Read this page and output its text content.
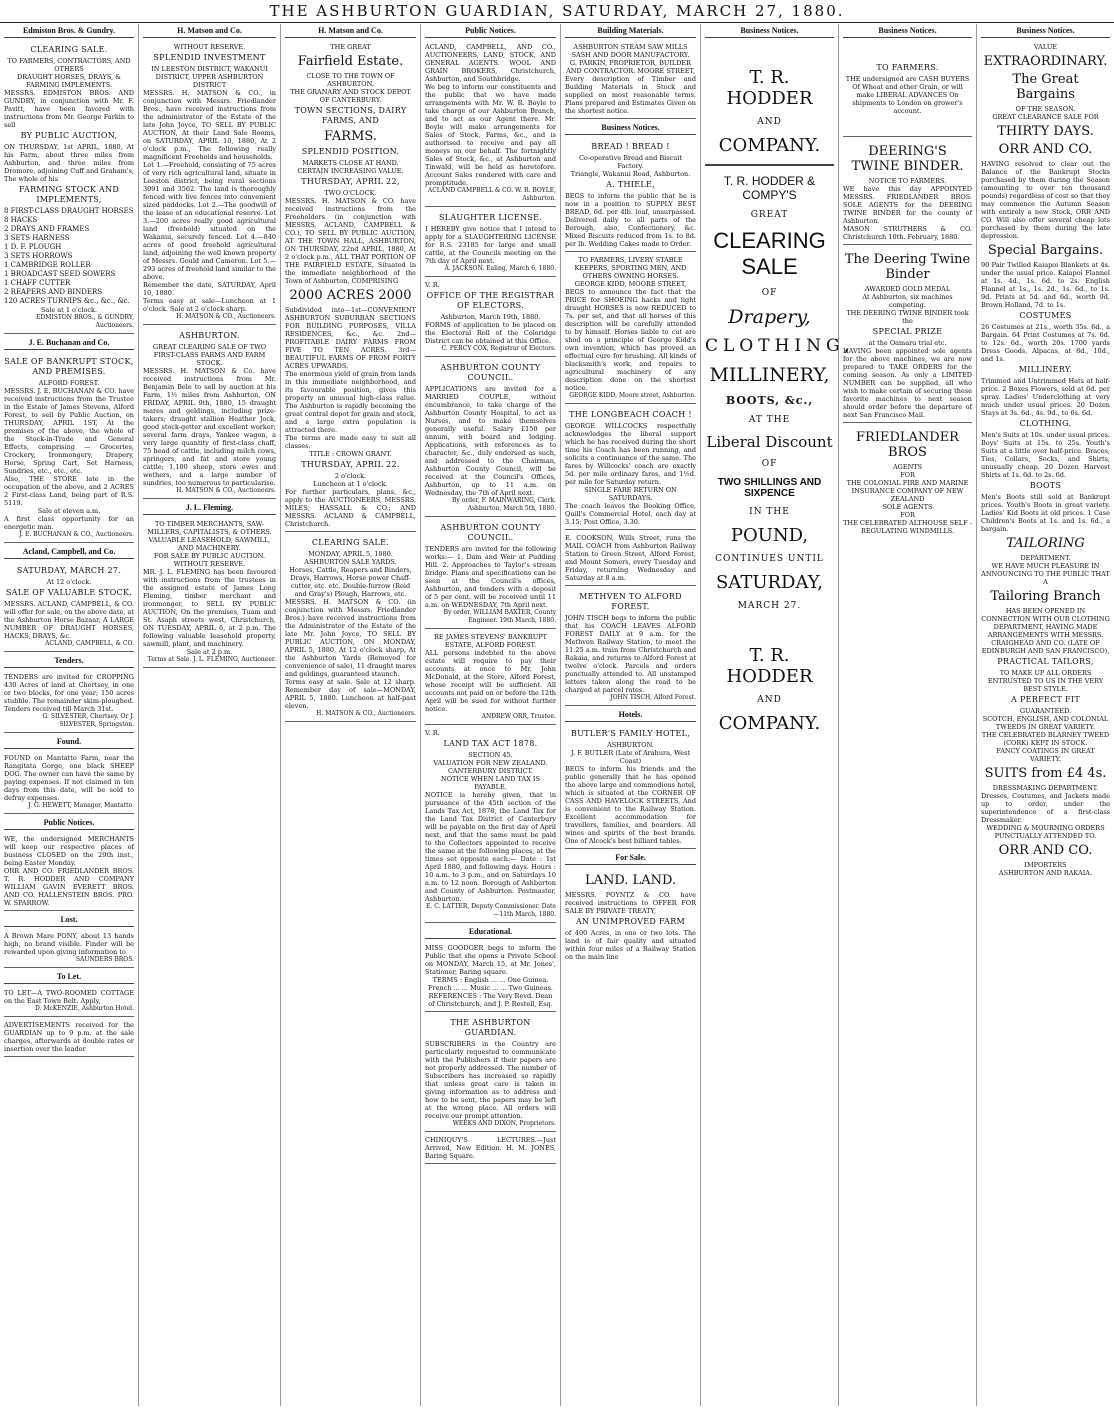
THE ASHBURTON GUARDIAN, SATURDAY, MARCH 27, 1880.
Edmiston Bros. & Gundry.

CLEARING SALE.

TO FARMERS, CONTRACTORS, AND OTHERS

DRAUGHT HORSES, DRAYS, & FARMING IMPLEMENTS.

MESSRS. EDMISTON BROS. AND GUNDRY, in conjunction with Mr. F. Pavitt, have been favored with instructions from Mr. George Farkin to sell

BY PUBLIC AUCTION,

ON THURSDAY, 1st APRIL, 1880, At his Farm, about three miles from Ashburton, and three miles from Dromore, adjoining Cuff and Graham's, The whole of his

FARMING STOCK AND IMPLEMENTS,

8 FIRST-CLASS DRAUGHT HORSES
8 HACKS
2 DRAYS AND FRAMES
3 SETS HARNESS
1 D. F. PLOUGH
3 SETS HORROWS
1 CAMBRIDGE ROLLER
1 BROADCAST SEED SOWERS
1 CHAFF CUTTER
2 REAPERS AND BINDERS
120 ACRES TURNIPS &c., &c., &c.

Sale at 1 o'clock.

EDMISTON BROS., & GUNDRY, Auctioneers.

J. E. Buchanan and Co.

SALE OF BANKRUPT STOCK, AND PREMISES.

ALFORD FOREST.

MESSRS. J. E. BUCHANAN & CO. have received instructions from the Trustee in the Estate of James Stevens, Alford Forest, to sell by Public Auction, on THURSDAY, APRIL 1ST, At the premises of the above, the whole of the Stock-in-Trade and General Effects, comprising — Groceries, Crockery, Ironmongery, Drapery, Horse, Spring Cart, Set Harness, Sundries, etc., etc., etc.

Also, THE STORE late in the occupation of the above, and 2 ACRES 2 First-class Land, being part of R.S. 5119.

Sale at eleven a.m.

A first class opportunity for an energetic man.

J. E. BUCHANAN & CO., Auctioneers.

Acland, Campbell, and Co.

SATURDAY, MARCH 27.

At 12 o'clock.

SALE OF VALUABLE STOCK.

MESSRS. ACLAND, CAMPBELL, & CO. will offer for sale, on the above date, at the Ashburton Horse Bazaar, A LARGE NUMBER OF DRAUGHT HORSES, HACKS, DRAYS, &c.

ACLAND, CAMPBELL, & CO.

Tenders.

TENDERS are invited for CROPPING 430 Acres of land at Chertsey, in one or two blocks, for one year; 150 acres stubble. The remainder skim-ploughed. Tenders received till March 31st.

G. SILVESTER, Chertsey. Or J. SILVESTER, Springston.

Found.

FOUND on Mantatto Farm, near the Rangitata Gorge, one black SHEEP DOG. The owner can have the same by paying expenses. If not claimed in ten days from this date, will be sold to defray expenses.

J. G. HEWETT, Manager, Mantatto.

Public Notices.

WE, the undersigned MERCHANTS will keep our respective places of business CLOSED on the 29th inst., being Easter Monday.

ORR AND CO. FRIEDLANDER BROS. T. R. HODDER AND COMPANY WILLIAM GAVIN EVERETT BROS. AND CO. HALLENSTEIN BROS. PRO. W. SPARROW.

Lost.

A Brown Mare PONY, about 13 hands high, no brand visible. Finder will be rewarded upon giving information to

SAUNDERS BROS.

To Let.

TO LET—A TWO-ROOMED COTTAGE on the East Town Belt. Apply,

D. McKENZIE, Ashburton Hotel.

ADVERTISEMENTS received for the GUARDIAN up to 9 p.m. at the sale charges, afterwards at double rates or insertion over the leader

H. Matson and Co.

WITHOUT RESERVE.

SPLENDID INVESTMENT

IN LEESTON DISTRICT, WAKANUI DISTRICT, UPPER ASHBURTON DISTRICT

MESSRS. H. MATSON & CO., in conjunction with Messrs. Friedlander Bros., have received instructions from the administrator of the Estate of the late John Joyce, TO SELL BY PUBLIC AUCTION, At their Land Sale Rooms, on SATURDAY, APRIL 10, 1880, At 2 o'clock p.m., The following really magnificent Freeholds and households.

Lot 1.—Freehold, consisting of 75 acres of very rich agricultural land, situate in Leeston district, being rural sections 3091 and 3562. The land is thoroughly fenced with live fences into convenient sized paddocks. Lot 2.—The goodwill of the lease of an educational reserve. Lot 3.—200 acres really good agricultural land (freehold) situated on the Wakanui, securely fenced. Lot 4.—840 acres of good freehold agricultural land, adjoining the well known property of Messrs. Gould and Cameron. Lot 5.—293 acres of freehold land similar to the above.

Remember the date, SATURDAY, April 10, 1880.

Terms easy at sale—Luncheon at 1 o'clock. Sale at 2 o'clock sharp.

H. MATSON & CO., Auctioneers.

ASHBURTON.

GREAT CLEARING SALE OF TWO FIRST-CLASS FARMS AND FARM STOCK.

MESSRS. H. MATSON & Co. have received instructions from Mr. Benjamin Bele to sell by auction at his Farm, 1½ miles from Ashburton, ON FRIDAY, APRIL 9th, 1880, 15 draught mares and geldings, including prize-takers; draught stallion Heather Jock, good stock-getter and excellent worker; several farm drays, Yankee wagon, a very large quantity of first-class chaff, 75 head of cattle, including milch cows, springers, and fat and store young cattle; 1,100 sheep, store ewes and wethers, and a large number of sundries, too numerous to particularise.

H. MATSON & CO., Auctioneers.

J. L. Fleming.

TO TIMBER MERCHANTS, SAW-MILLERS, CAPITALISTS, & OTHERS.

VALUABLE LEASEHOLD, SAWMILL, AND MACHINERY.

FOR SALE BY PUBLIC AUCTION.

WITHOUT RESERVE.

MR. J. L. FLEMING has been favoured with instructions from the trustees in the assigned estate of James Long Fleming, timber merchant and ironmonger, to SELL BY PUBLIC AUCTION, On the premises, Tuam and St. Asaph streets west, Christchurch, ON TUESDAY, APRIL 6, at 2 p.m. The following valuable leasehold property, sawmill, plant, and machinery.

Sale at 2 p.m.

Terms at Sale. J. L. FLEMING, Auctioneer.

H. Matson and Co.

THE GREAT

Fairfield Estate.

CLOSE TO THE TOWN OF ASHBURTON.

THE GRANARY AND STOCK DEPOT OF CANTERBURY.

TOWN SECTIONS, DAIRY FARMS, AND

FARMS.

SPLENDID POSITION.

MARKETS CLOSE AT HAND.

CERTAIN INCREASING VALUE.

THURSDAY, APRIL 22,

TWO O'CLOCK.

MESSRS. H. MATSON & CO. have received instructions from the Freeholders (in conjunction with MESSRS. ACLAND, CAMPBELL & CO.), TO SELL BY PUBLIC AUCTION, AT THE TOWN HALL, ASHBURTON, ON THURSDAY, 22nd APRIL, 1880, At 2 o'clock p.m., ALL THAT PORTION OF THE FAIRFIELD ESTATE, Situated in the immediate neighborhood of the Town of Ashburton, COMPRISING

2000 ACRES 2000

Subdivided into—1st—CONVENIENT ASHBURTON SUBURBAN SECTIONS FOR BUILDING PURPOSES, VILLA RESIDENCES, &c., &c. 2nd—PROFITABLE DAIRY FARMS FROM FIVE TO TEN ACRES. 3rd—BEAUTIFUL FARMS OF FROM FORTY ACRES UPWARDS.

The enormous yield of grain from lands in this immediate neighborhood, and its favourable position, gives this property an unusual high-class value. The Ashburton is rapidly becoming the great central depot for grain and stock, and a large extra population is attracted there.

The terms are made easy to suit all classes.

TITLE : CROWN GRANT.

THURSDAY, APRIL 22.

2 o'clock.

Luncheon at 1 o'clock.

For further particulars, plans, &c., apply to the AUCTIONEERS, MESSRS. MILES, HASSALL & CO.; AND MESSRS. ACLAND & CAMPBELL, Christchurch.

CLEARING SALE.

MONDAY, APRIL 5, 1880.

ASHBURTON SALE YARDS.

Horses, Cattle, Reapers and Binders, Drays, Harrows, Horse power Chaff-cutter, etc. etc. Double-furrow (Reid and Gray's) Plough, Harrows, etc.

MESSRS. H. MATSON & CO. (in conjunction with Messrs. Friedlander Bros.) have received instructions from the Administrator of the Estate of the late Mr. John Joyce, TO SELL BY PUBLIC AUCTION, ON MONDAY, APRIL 5, 1880, At 12 o'clock sharp, At the Ashburton Yards (Removed for convenience of sale), 11 draught mares and geldings, guaranteed staunch.

Terms easy at sale. Sale at 12 sharp. Remember day of sale—MONDAY, APRIL 5, 1880. Luncheon at half-past eleven.

H. MATSON & CO., Auctioneers.

Public Notices.

ACLAND, CAMPBELL, AND CO., AUCTIONEERS, LAND, STOCK, AND GENERAL AGENTS. WOOL AND GRAIN BROKERS, Christchurch, Ashburton, and Southbridge.

We beg to inform our constituents and the public that we have made arrangements with Mr. W. R. Boyle to take charge of our Ashburton Branch, and to act as our Agent there. Mr. Boyle will make arrangements for Sales of Stock, Farms, &c., and is authorised to receive and pay all moneys on our behalf. The fortnightly Sales of Stock, &c., at Ashburton and Tinwald, will be held as heretofore. Account Sales rendered with care and promptitude.

ACLAND CAMPBELL & CO. W. R. BOYLE, Ashburton.

SLAUGHTER LICENSE.

I HEREBY give notice that I intend to apply for a SLAUGHTERING LICENSE for R.S. 23185 for large and small cattle, at the Councils meeting on the 7th day of April next.

A. JACKSON. Ealing, March 6, 1880.

V. R.

OFFICE OF THE REGISTRAR OF ELECTORS.

Ashburton, March 19th, 1880.

FORMS of application to be placed on the Electoral Roll of the Coleridge District can be obtained at this Office.

C. PERCY COX, Registrar of Electors.

ASHBURTON COUNTY COUNCIL.

APPLICATIONS are invited for a MARRIED COUPLE, without encumbrance, to take charge of the Ashburton County Hospital, to act as Nurses, and to make themselves generally useful. Salary £150 per annum, with board and lodging. Applications, with references as to character, &c., duly endorsed as such, and addressed to the Chairman, Ashburton County Council, will be received at the Council's Offices, Ashburton, up to 11 a.m. on Wednesday, the 7th of April next.

By order, F. MAINWARING, Clerk. Ashburton, March 5th, 1880.

ASHBURTON COUNTY COUNCIL.

TENDERS are invited for the following works:— 1. Dam and Weir at Pudding Hill. 2. Approaches to Taylor's stream bridge. Plans and specifications can be seen at the Council's offices, Ashburton, and tenders with a deposit of 5 per cent. will be received until 11 a.m. on WEDNESDAY, 7th April next.

By order, WILLIAM BAXTER, County Engineer. 19th March, 1880.

RE JAMES STEVENS' BANKRUPT ESTATE, ALFORD FOREST.

ALL persons indebted to the above estate will require to pay their accounts at once to Mr. John McDonald, at the Store, Alford Forest, whose receipt will be sufficient. All accounts not paid on or before the 12th April will be sued for without further notice.

ANDREW ORR, Trustee.

V. R.

LAND TAX ACT 1878.

SECTION 45.

VALUATION FOR NEW ZEALAND.

CANTERBURY DISTRICT.

NOTICE WHEN LAND TAX IS PAYABLE.

NOTICE is hereby given, that in pursuance of the 45th section of the Lands Tax Act, 1878, the Land Tax for the Land Tax District of Canterbury will be payable on the first day of April next, and that the same must be paid to the Collectors appointed to receive the same at the following places, at the times set opposite each:— Date : 1st April 1880, and following days. Hours : 10 a.m. to 3 p.m., and on Saturdays 10 a.m. to 12 noon. Borough of Ashburton and County of Ashburton. Postmaster, Ashburton.

E. C. LATTER, Deputy Commissioner. Date—11th March, 1880.

Educational.

MISS GOODGER begs to inform the Public that she opens a Private School on MONDAY, March 15, at Mr. Jones', Stationer, Baring square.

TERMS : English ... ... One Guinea. French ... ... Music ... ... Two Guineas.

REFERENCES : The Very Revd. Dean of Christchurch, and J. P. Restell, Esq.

THE ASHBURTON GUARDIAN.

SUBSCRIBERS in the Country are particularly requested to communicate with the Publishers if their papers are not properly addressed. The number of Subscribers has increased so rapidly that unless great care is taken in giving information as to address and how to be sent, the papers may be left at the wrong place. All orders will receive our prompt attention.

WEEKS AND DIXON, Proprietors.

CHINIQUY'S LECTURES.—Just Arrived, New Edition. H. M. JONES, Baring Square.

Building Materials.

ASHBURTON STEAM SAW MILLS SASH AND DOOR MANUFACTORY.

G. PARKIN, PROPRIETOR, BUILDER AND CONTRACTOR. MOORE STREET,

Every description of Timber and Building Materials in Stock and supplied on most reasonable terms. Plans prepared and Estimates Given on the shortest notice.

Business Notices.

BREAD ! BREAD !

Co-operative Bread and Biscuit Factory.

Triangle, Wakanui Road, Ashburton.

A. THIELE,

BEGS to inform the public that he is now in a position to SUPPLY BEST BREAD, 6d. per 4lb. loaf, unsurpassed. Delivered daily to all parts of the Borough, also, Confectionery, &c. Mixed Biscuits reduced from 1s. to 8d. per lb. Wedding Cakes made to Order.

TO FARMERS, LIVERY STABLE KEEPERS, SPORTING MEN, AND OTHERS OWNING HORSES.

GEORGE KIDD, MOORE STREET,

BEGS to announce the fact that the PRICE for SHOEING hacks and light draught HORSES is now REDUCED to 7s. per set, and that all horses of this description will be carefully attended to by himself. Horses liable to cut are shod on a principle of George Kidd's own invention, which has proved an effectual cure for brushing. All kinds of blacksmith's work, and repairs to agricultural machinery of any description done on the shortest notice.

GEORGE KIDD, Moore street, Ashburton.

THE LONGBEACH COACH !

GEORGE WILLCOCKS respectfully acknowledges the liberal support which he has received during the short time his Coach has been running, and solicits a continuance of the same. The fares by Willcocks' coach are exactly 5d. per mile ordinary fares, and 1½d. per mile for Saturday return.

SINGLE FARE RETURN ON SATURDAYS.

The coach leaves the Booking Office, Quill's Commercial Hotel, each day at 3.15; Post Office, 3.30.

E. COOKSON, Wills Street, runs the MAIL COACH from Ashburton Railway Station to Green Street, Alford Forest, and Mount Somers, every Tuesday and Friday, returning Wednesday and Saturday at 8 a.m.

METHVEN TO ALFORD FOREST.

JOHN TISCH begs to inform the public that his COACH LEAVES ALFORD FOREST DAILY at 9 a.m. for the Methven Railway Station, to meet the 11.25 a.m. train from Christchurch and Rakaia, and returns to Alford Forest at twelve o'clock. Parcels and orders punctually attended to. All unstamped letters taken along the road to be charged at parcel rates.

JOHN TISCH, Alford Forest.

Hotels.

BUTLER'S FAMILY HOTEL,

ASHBURTON.

J. F. BUTLER (Late of Arahura, West Coast)

BEGS to inform his friends and the public generally that he has opened the above large and commodious hotel, which is situated at the CORNER OF CASS AND HAVELOCK STREETS, And is convenient to the Railway Station. Excellent accommodation for travellers, families, and boarders. All wines and spirits of the best brands. One of Alcock's best billiard tables.

For Sale.

LAND. LAND.

MESSRS. POYNTZ & CO. have received instructions to OFFER FOR SALE BY PRIVATE TREATY,

AN UNIMPROVED FARM

of 400 Acres, in one or two lots. The land is of fair quality and situated within four miles of a Railway Station on the main line

Business Notices.
T. R. HODDER
AND
COMPANY.
T. R. HODDER & COMPY'S
GREAT
CLEARING SALE
OF
Drapery,
CLOTHING,
MILLINERY,
BOOTS, &c.,
AT THE
Liberal Discount
OF
TWO SHILLINGS AND SIXPENCE
IN THE
POUND,
CONTINUES UNTIL
SATURDAY,
MARCH 27.
T. R. HODDER
AND
COMPANY.
Business Notices.

TO FARMERS.

THE undersigned are CASH BUYERS Of Wheat and other Grain, or will make LIBERAL ADVANCES On shipments to London on grower's account.

DEERING'S TWINE BINDER.

NOTICE TO FARMERS.

WE have this day APPOINTED MESSRS. FRIEDLANDER BROS. SOLE AGENTS for the DEERING TWINE BINDER for the county of Ashburton.

MASON STRUTHERS & CO. Christchurch 10th. February, 1880.

The Deering Twine Binder

AWARDED GOLD MEDAL

At Ashburton, six machines competing.

THE DEERING TWINE BINDER took the

SPECIAL PRIZE

at the Oamaru trial etc.

HAVING been appointed sole agents for the above machines, we are now prepared to TAKE ORDERS for the coming season. As only a LIMITED NUMBER can be supplied, all who wish to make certain of securing these favorite machines to next season should order before the departure of next San Francisco Mail.

FRIEDLANDER BROS

AGENTS

FOR

THE COLONIAL FIRE AND MARINE INSURANCE COMPANY OF NEW ZEALAND

SOLE AGENTS

FOR

THE CELEBRATED ALTHOUSE SELF - REGULATING WINDMILLS.

Business Notices.

VALUE

EXTRAORDINARY.

The Great Bargains

OF THE SEASON.

GREAT CLEARANCE SALE FOR

THIRTY DAYS.

ORR AND CO.

HAVING resolved to clear out the Balance of the Bankrupt Stocks purchased by them during the Season (amounting to over ten thousand pounds) regardless of cost so that they may commence the Autumn Season with entirely a new Stock, ORR AND CO. Will also offer several cheap lots purchased by them during the late depression.

Special Bargains.

90 Pair Twilled Kaiapoi Blankets at 4s. under the usual price. Kaiapoi Flannel at 1s. 4d., 1s. 6d. to 2s. English Flannel at 1s., 1s. 2d., 1s. 6d., to 1s. 9d. Prints at 5d. and 6d., worth 9d. Brown Holland, 7d. to 1s.

COSTUMES

26 Costumes at 21s., worth 35s. 6d., a Bargain. 64 Print Costumes at 7s. 6d. to 12s. 6d., worth 20s. 1700 yards Dress Goods, Alpacas, at 8d., 10d., and 1s.

MILLINERY.

Trimmed and Untrimmed Hats at half-price. 2 Boxes Flowers, sold at 6d. per spray. Ladies' Underclothing at very much under usual prices. 20 Dozen Stays at 3s. 6d., 4s. 9d., to 6s. 6d.

CLOTHING.

Men's Suits at 10s. under usual prices. Boys' Suits at 15s. to 25s. Youth's Suits at a little over half-price. Braces, Ties, Collars, Socks, and Shirts, unusually cheap. 20 Dozen Harvest Shirts at 1s. 6d. to 2s. 6d.

BOOTS

Men's Boots still sold at Bankrupt prices. Youth's Boots in great variety. Ladies' Kid Boots at old prices. 1 Case Children's Boots at 1s. and 1s. 6d., a bargain.

TAILORING

DEPARTMENT.

WE HAVE MUCH PLEASURE IN ANNOUNCING TO THE PUBLIC THAT A

Tailoring Branch

HAS BEEN OPENED IN CONNECTION WITH OUR CLOTHING DEPARTMENT, HAVING MADE ARRANGEMENTS WITH MESSRS. CRAIGHEAD AND CO. (LATE OF EDINBURGH AND SAN FRANCISCO),

PRACTICAL TAILORS,

TO MAKE UP ALL ORDERS ENTRUSTED TO US IN THE VERY BEST STYLE.

A PERFECT FIT

GUARANTEED.

SCOTCH, ENGLISH, AND COLONIAL TWEEDS IN GREAT VARIETY.

THE CELEBRATED BLARNEY TWEED (CORK) KEPT IN STOCK.

FANCY COATINGS IN GREAT VARIETY.

SUITS from £4 4s.

DRESSMAKING DEPARTMENT.

Dresses, Costumes, and Jackets made up to order, under the superintendence of a first-class Dressmaker.

WEDDING & MOURNING ORDERS PUNCTUALLY ATTENDED TO.

ORR AND CO.

IMPORTERS

ASHBURTON AND RAKAIA.
